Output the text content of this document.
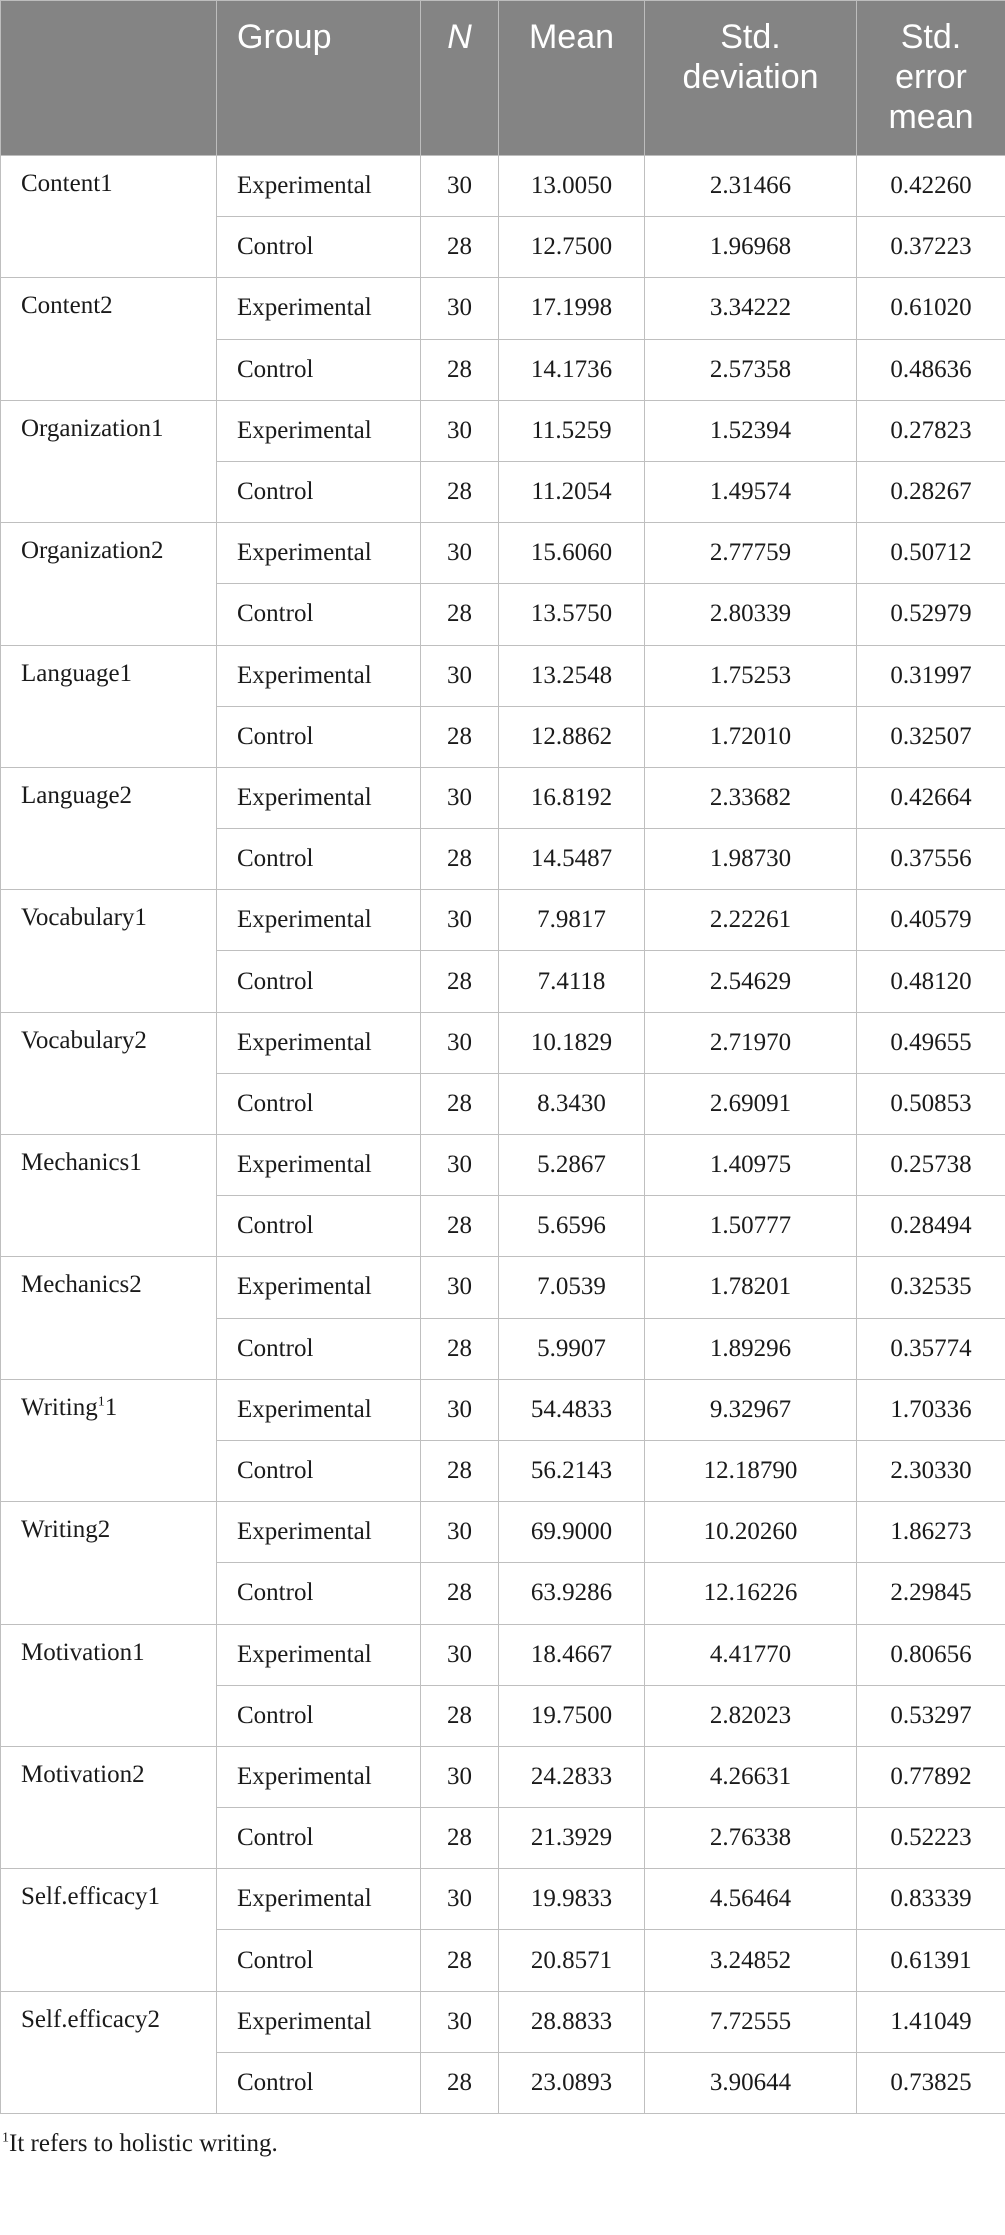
	Group	N	Mean	Std. deviation	Std. error mean
Content1	Experimental	30	13.0050	2.31466	0.42260
	Control	28	12.7500	1.96968	0.37223
Content2	Experimental	30	17.1998	3.34222	0.61020
	Control	28	14.1736	2.57358	0.48636
Organization1	Experimental	30	11.5259	1.52394	0.27823
	Control	28	11.2054	1.49574	0.28267
Organization2	Experimental	30	15.6060	2.77759	0.50712
	Control	28	13.5750	2.80339	0.52979
Language1	Experimental	30	13.2548	1.75253	0.31997
	Control	28	12.8862	1.72010	0.32507
Language2	Experimental	30	16.8192	2.33682	0.42664
	Control	28	14.5487	1.98730	0.37556
Vocabulary1	Experimental	30	7.9817	2.22261	0.40579
	Control	28	7.4118	2.54629	0.48120
Vocabulary2	Experimental	30	10.1829	2.71970	0.49655
	Control	28	8.3430	2.69091	0.50853
Mechanics1	Experimental	30	5.2867	1.40975	0.25738
	Control	28	5.6596	1.50777	0.28494
Mechanics2	Experimental	30	7.0539	1.78201	0.32535
	Control	28	5.9907	1.89296	0.35774
Writing$^1$1	Experimental	30	54.4833	9.32967	1.70336
	Control	28	56.2143	12.18790	2.30330
Writing2	Experimental	30	69.9000	10.20260	1.86273
	Control	28	63.9286	12.16226	2.29845
Motivation1	Experimental	30	18.4667	4.41770	0.80656
	Control	28	19.7500	2.82023	0.53297
Motivation2	Experimental	30	24.2833	4.26631	0.77892
	Control	28	21.3929	2.76338	0.52223
Self.efficacy1	Experimental	30	19.9833	4.56464	0.83339
	Control	28	20.8571	3.24852	0.61391
Self.efficacy2	Experimental	30	28.8833	7.72555	1.41049
	Control	28	23.0893	3.90644	0.73825
$^1$It refers to holistic writing.
